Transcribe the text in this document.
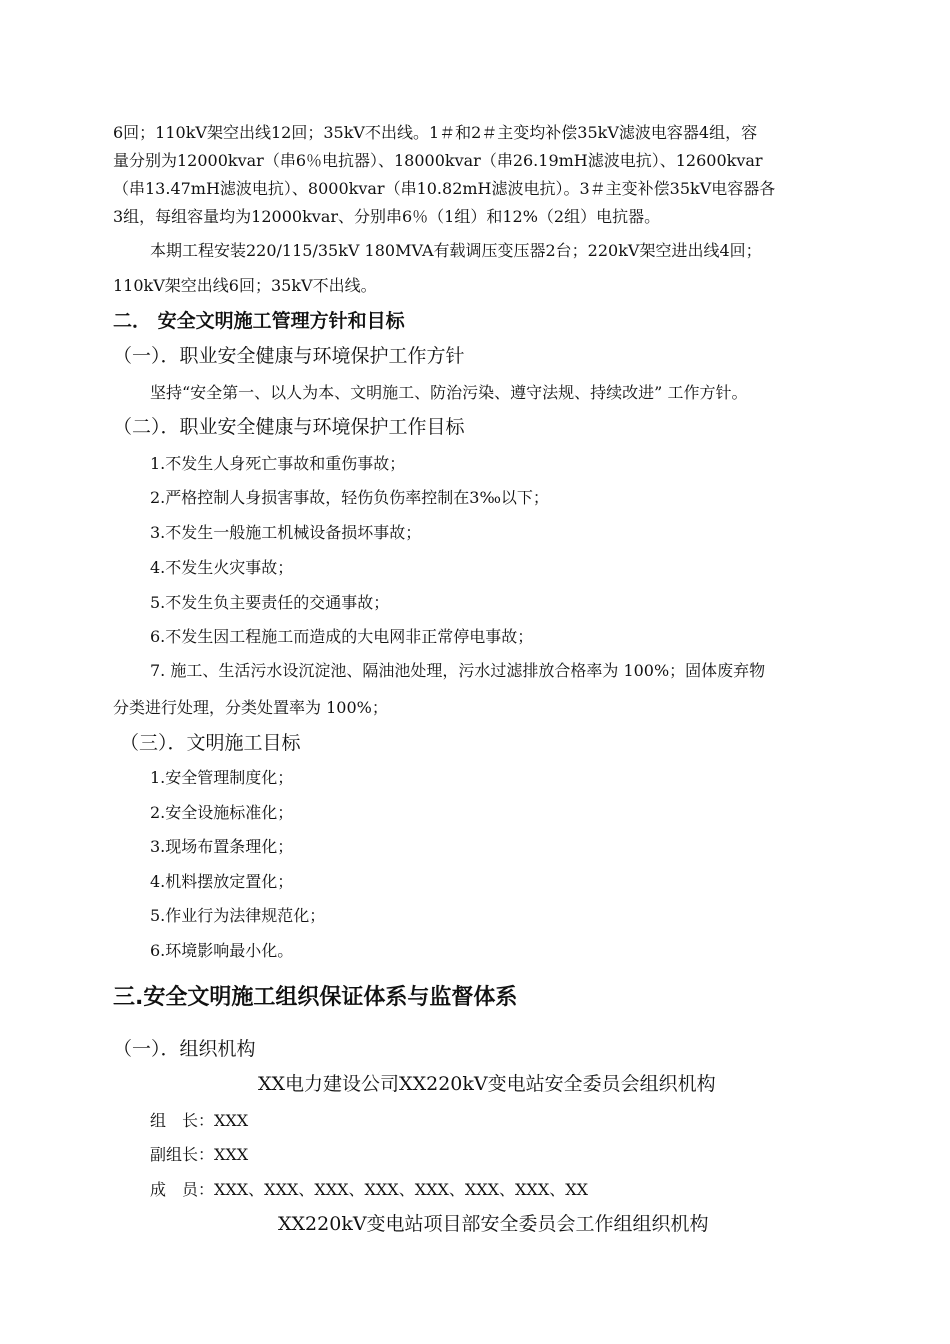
6回；110kV架空出线12回；35kV不出线。1＃和2＃主变均补偿35kV滤波电容器4组，容
量分别为12000kvar（串6％电抗器）、18000kvar（串26.19mH滤波电抗）、12600kvar
（串13.47mH滤波电抗）、8000kvar（串10.82mH滤波电抗）。3＃主变补偿35kV电容器各
3组，每组容量均为12000kvar、分别串6％（1组）和12%（2组）电抗器。
本期工程安装220/115/35kV 180MVA有载调压变压器2台；220kV架空进出线4回；
110kV架空出线6回；35kV不出线。
二． 安全文明施工管理方针和目标
（一）．职业安全健康与环境保护工作方针
坚持“安全第一、以人为本、文明施工、防治污染、遵守法规、持续改进” 工作方针。
（二）．职业安全健康与环境保护工作目标
1.不发生人身死亡事故和重伤事故；
2.严格控制人身损害事故，轻伤负伤率控制在3‰以下；
3.不发生一般施工机械设备损坏事故；
4.不发生火灾事故；
5.不发生负主要责任的交通事故；
6.不发生因工程施工而造成的大电网非正常停电事故；
7. 施工、生活污水设沉淀池、隔油池处理，污水过滤排放合格率为 100%；固体废弃物
分类进行处理，分类处置率为 100%；
（三）．文明施工目标
1.安全管理制度化；
2.安全设施标准化；
3.现场布置条理化；
4.机料摆放定置化；
5.作业行为法律规范化；
6.环境影响最小化。
三.安全文明施工组织保证体系与监督体系
（一）．组织机构
XX电力建设公司XX220kV变电站安全委员会组织机构
组　长：XXX
副组长：XXX
成　员：XXX、XXX、XXX、XXX、XXX、XXX、XXX、XX
XX220kV变电站项目部安全委员会工作组组织机构
